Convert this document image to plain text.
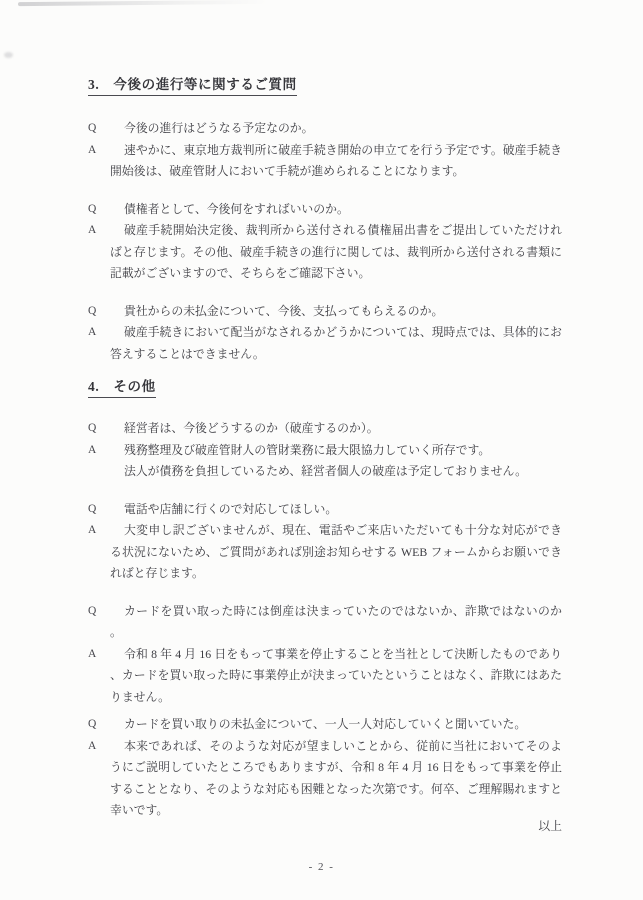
3.　今後の進行等に関するご質問
Q	今後の進行はどうなる予定なのか。
A	速やかに、東京地方裁判所に破産手続き開始の申立てを行う予定です。破産手続き開始後は、破産管財人において手続が進められることになります。
Q	債権者として、今後何をすればいいのか。
A	破産手続開始決定後、裁判所から送付される債権届出書をご提出していただければと存じます。その他、破産手続きの進行に関しては、裁判所から送付される書類に記載がございますので、そちらをご確認下さい。
Q	貴社からの未払金について、今後、支払ってもらえるのか。
A	破産手続きにおいて配当がなされるかどうかについては、現時点では、具体的にお答えすることはできません。
4.　その他
Q	経営者は、今後どうするのか（破産するのか）。
A	残務整理及び破産管財人の管財業務に最大限協力していく所存です。
法人が債務を負担しているため、経営者個人の破産は予定しておりません。
Q	電話や店舗に行くので対応してほしい。
A	大変申し訳ございませんが、現在、電話やご来店いただいても十分な対応ができる状況にないため、ご質問があれば別途お知らせする WEB フォームからお願いできればと存じます。
Q	カードを買い取った時には倒産は決まっていたのではないか、詐欺ではないのか。
A	令和 8 年 4 月 16 日をもって事業を停止することを当社として決断したものであり、カードを買い取った時に事業停止が決まっていたということはなく、詐欺にはあたりません。
Q	カードを買い取りの未払金について、一人一人対応していくと聞いていた。
A	本来であれば、そのような対応が望ましいことから、従前に当社においてそのようにご説明していたところでもありますが、令和 8 年 4 月 16 日をもって事業を停止することとなり、そのような対応も困難となった次第です。何卒、ご理解賜れますと幸いです。
以上
- 2 -
